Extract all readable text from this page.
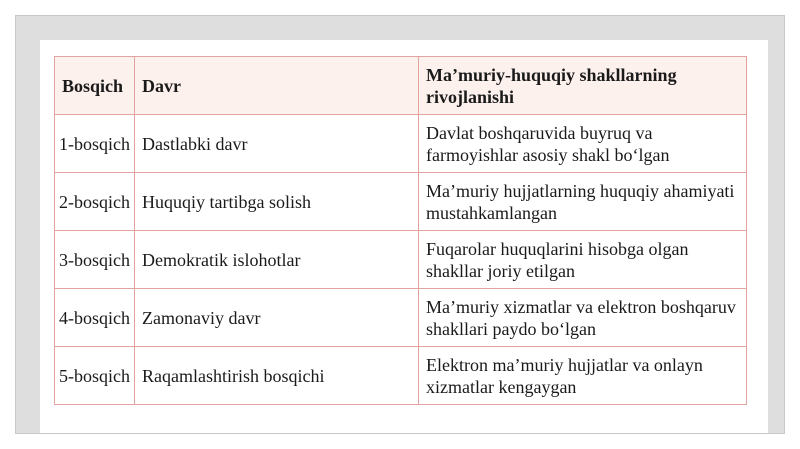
Bosqich	Davr	Ma’muriy-huquqiy shakllarning rivojlanishi
1-bosqich	Dastlabki davr	Davlat boshqaruvida buyruq va farmoyishlar asosiy shakl bo‘lgan
2-bosqich	Huquqiy tartibga solish	Ma’muriy hujjatlarning huquqiy ahamiyati mustahkamlangan
3-bosqich	Demokratik islohotlar	Fuqarolar huquqlarini hisobga olgan shakllar joriy etilgan
4-bosqich	Zamonaviy davr	Ma’muriy xizmatlar va elektron boshqaruv shakllari paydo bo‘lgan
5-bosqich	Raqamlashtirish bosqichi	Elektron ma’muriy hujjatlar va onlayn xizmatlar kengaygan
